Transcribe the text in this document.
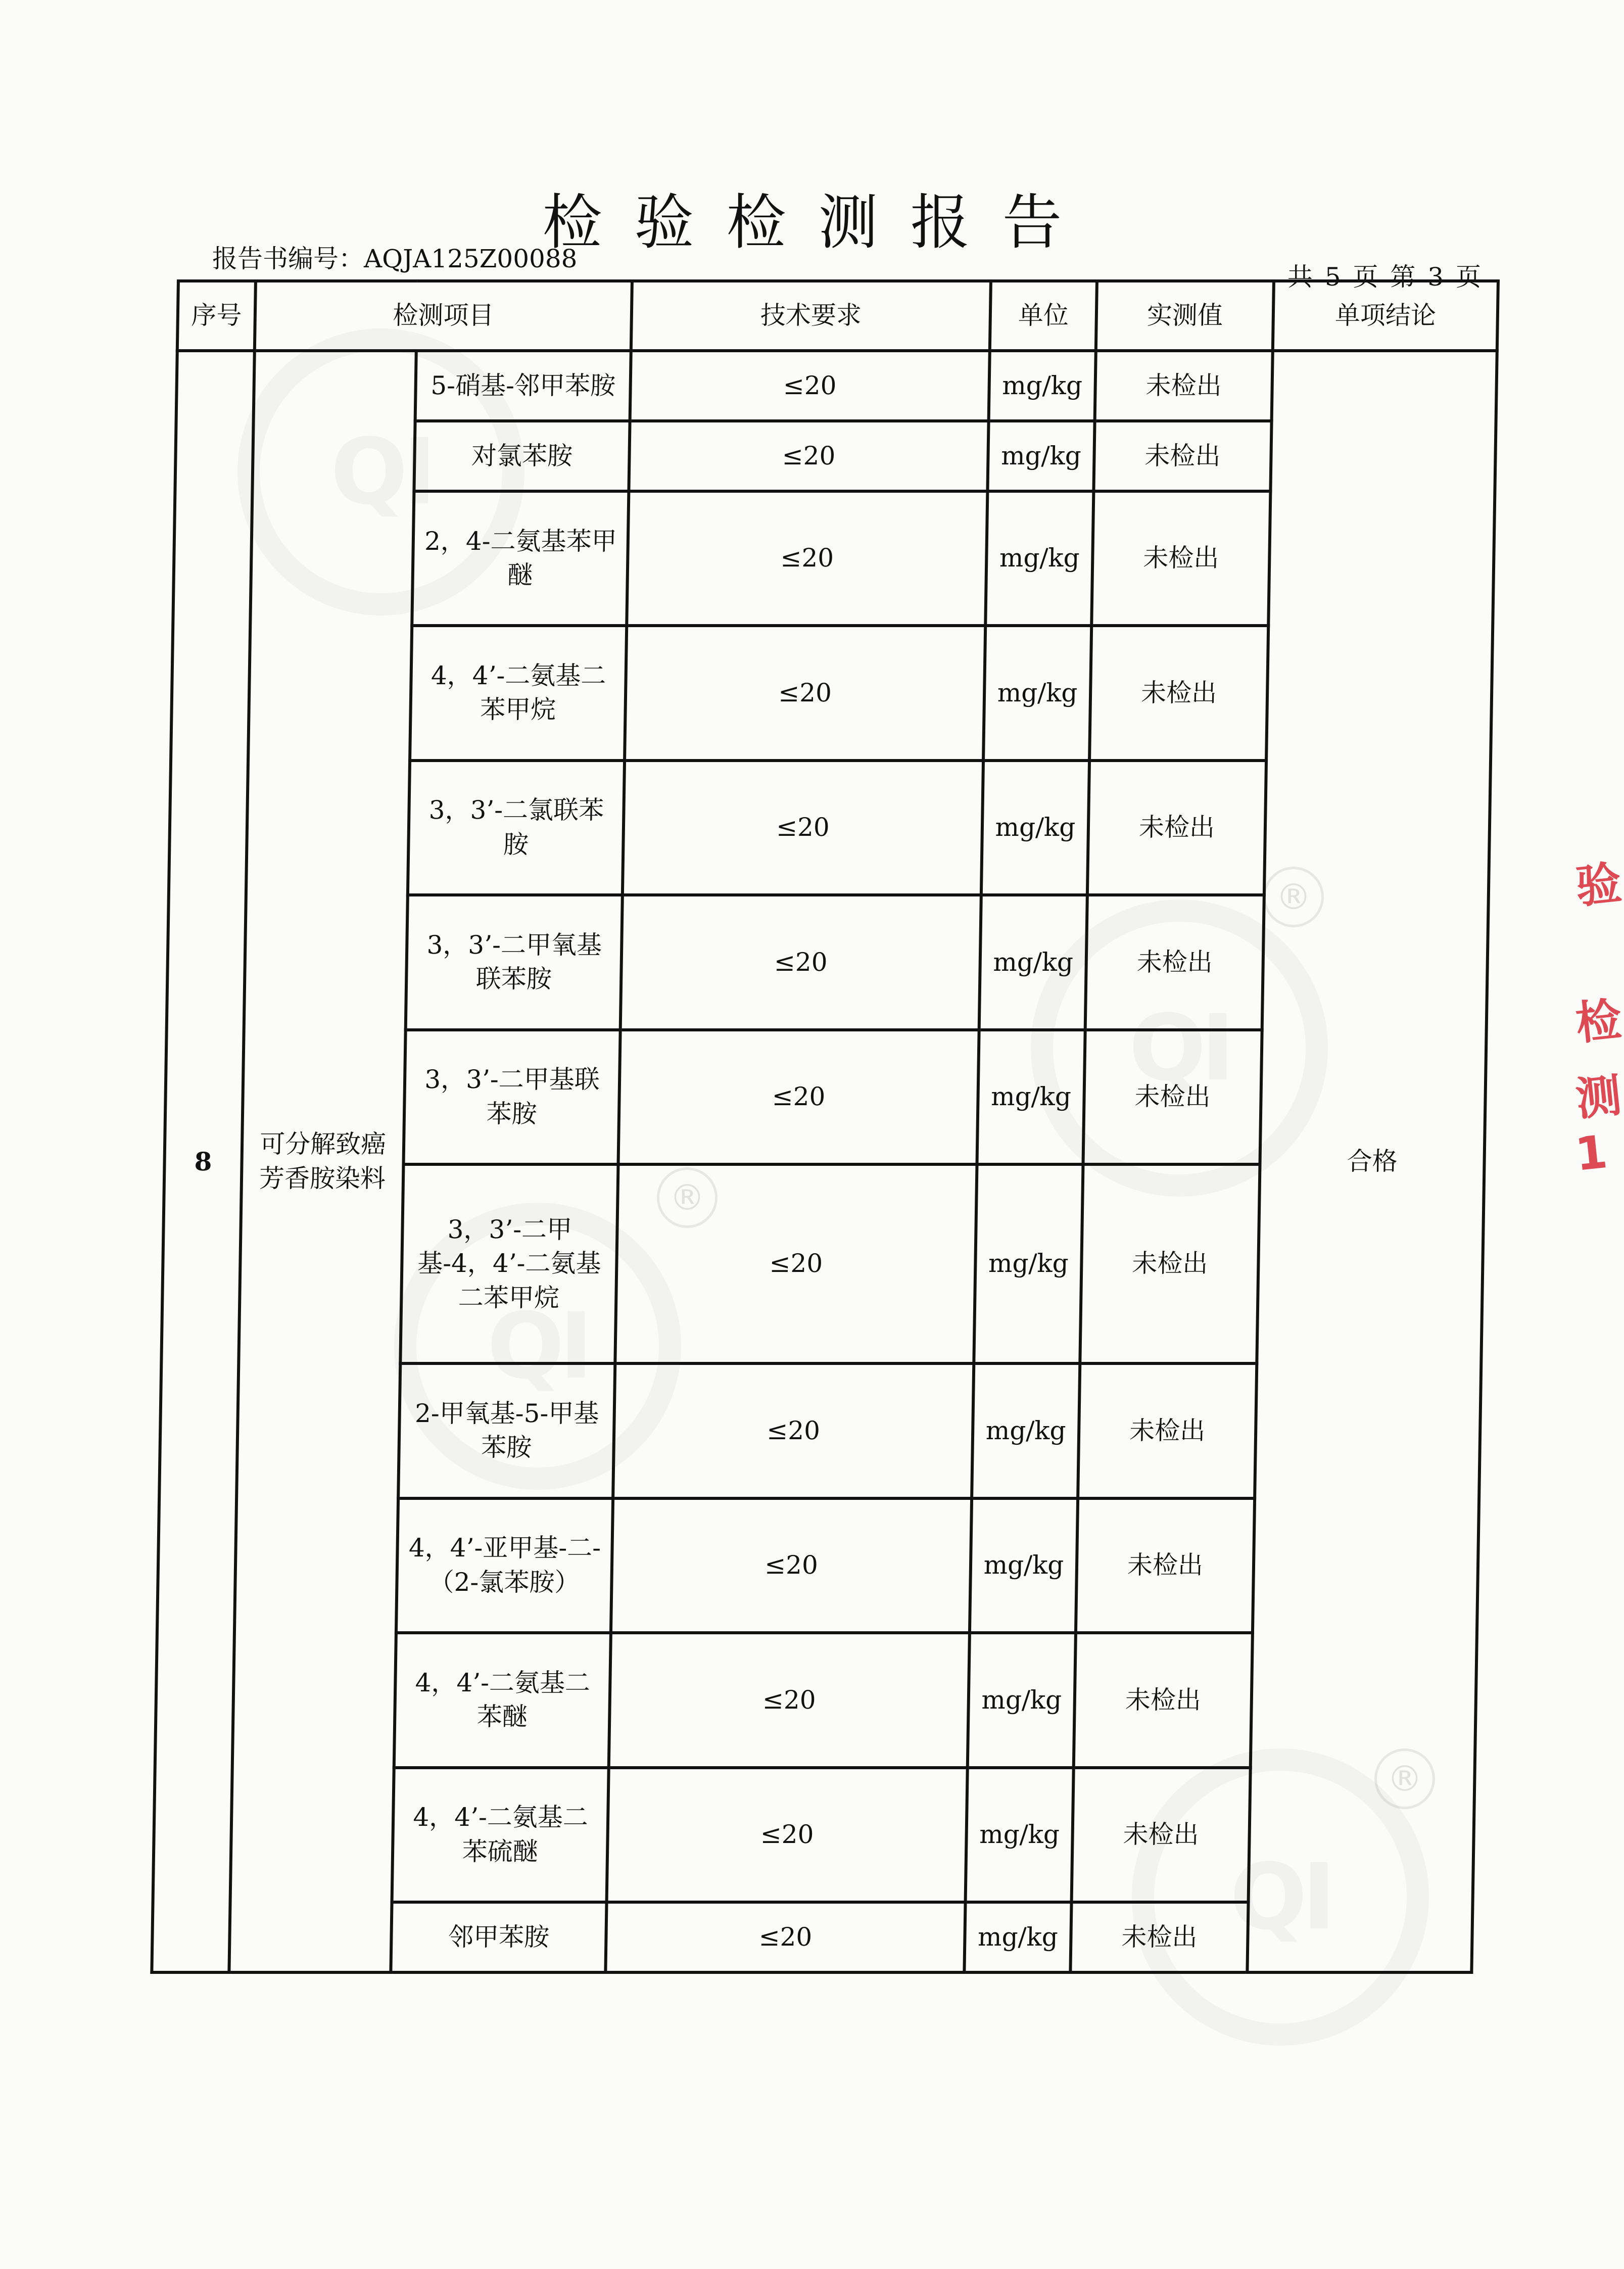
®
®
®
验
检
测
1
检验检测报告
报告书编号：AQJA125Z00088
共 5 页 第 3 页
序号	检测项目		技术要求	单位	实测值	单项结论
8	可分解致癌芳香胺染料	5-硝基-邻甲苯胺	≤20	mg/kg	未检出	合格
		对氯苯胺	≤20	mg/kg	未检出	
		2，4-二氨基苯甲醚	≤20	mg/kg	未检出	
		4，4’-二氨基二苯甲烷	≤20	mg/kg	未检出	
		3，3’-二氯联苯胺	≤20	mg/kg	未检出	
		3，3’-二甲氧基联苯胺	≤20	mg/kg	未检出	
		3，3’-二甲基联苯胺	≤20	mg/kg	未检出	
		3，3’-二甲基-4，4’-二氨基二苯甲烷	≤20	mg/kg	未检出	
		2-甲氧基-5-甲基苯胺	≤20	mg/kg	未检出	
		4，4’-亚甲基-二-（2-氯苯胺）	≤20	mg/kg	未检出	
		4，4’-二氨基二苯醚	≤20	mg/kg	未检出	
		4，4’-二氨基二苯硫醚	≤20	mg/kg	未检出	
		邻甲苯胺	≤20	mg/kg	未检出	
